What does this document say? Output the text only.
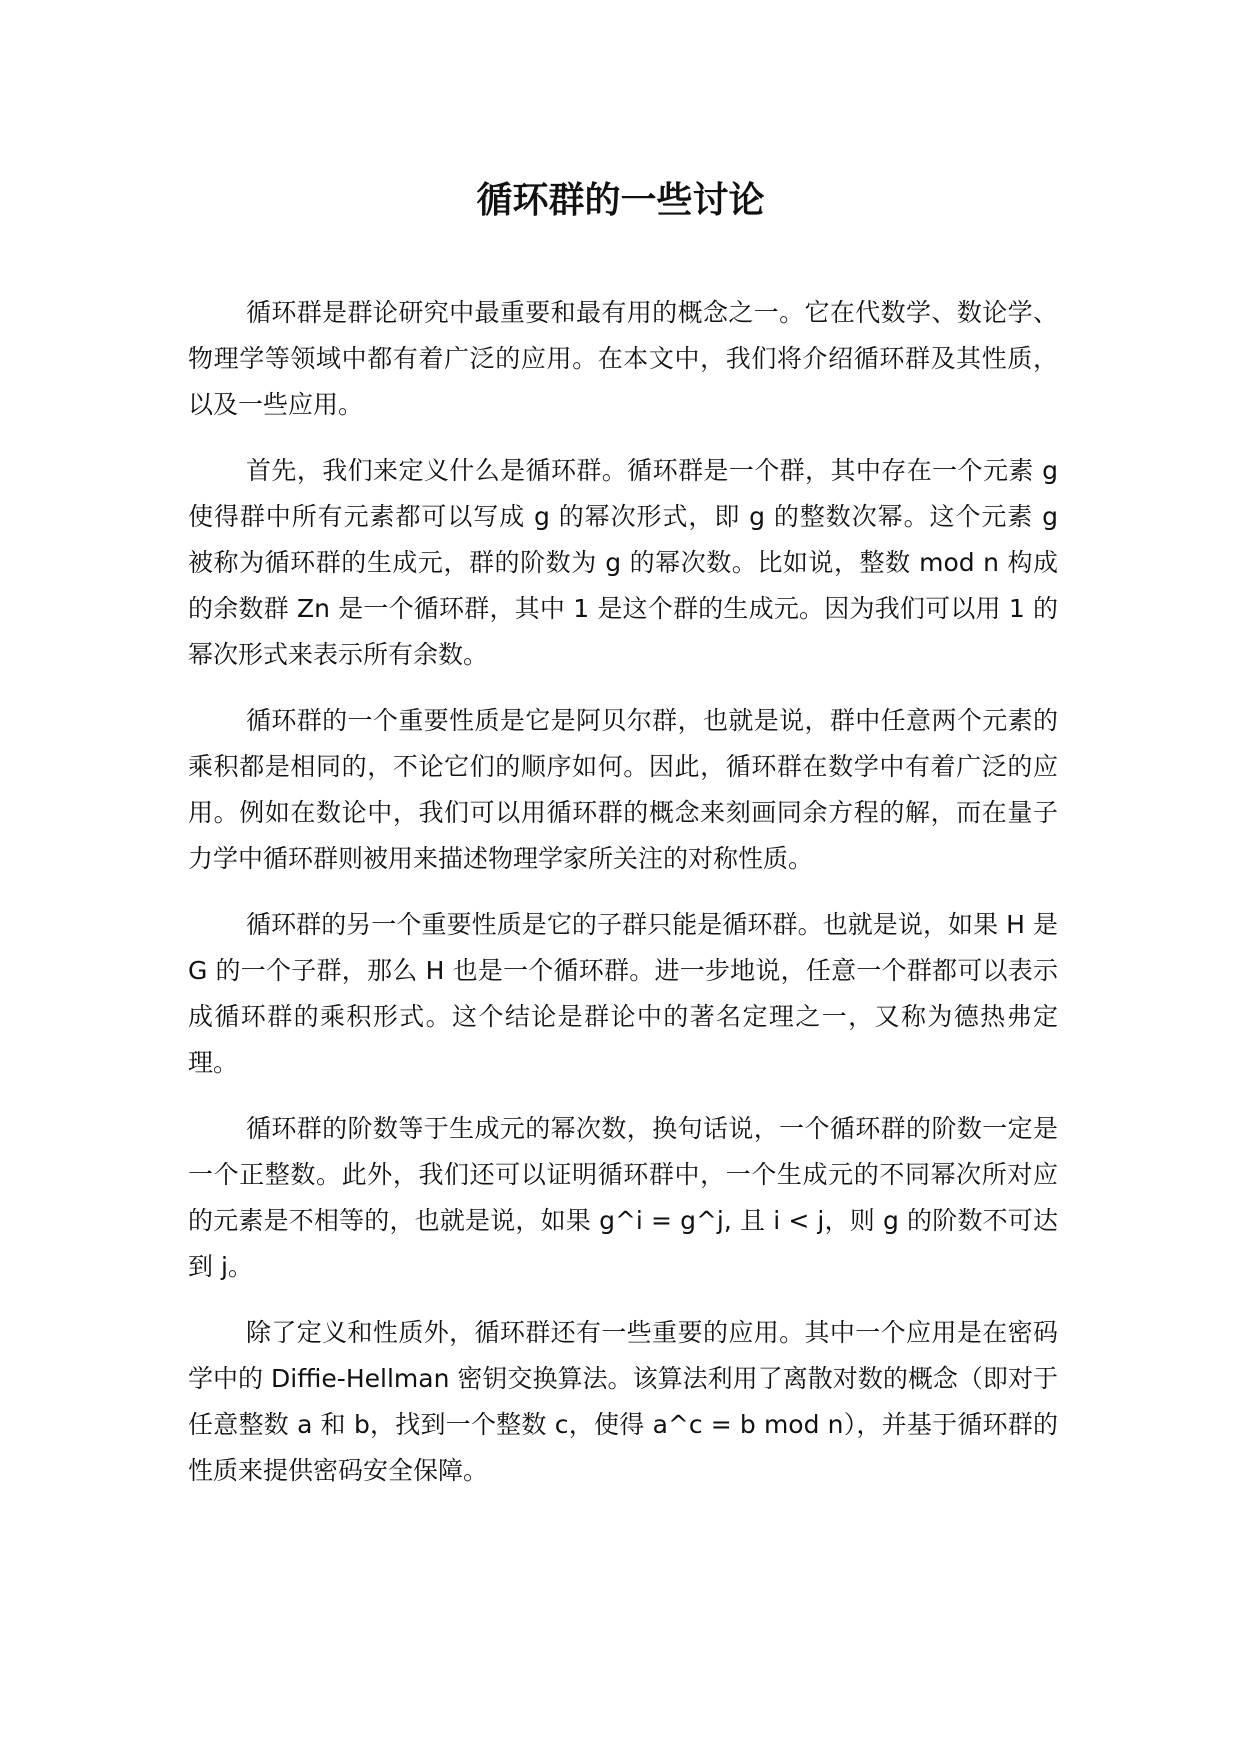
循环群的一些讨论

循环群是群论研究中最重要和最有用的概念之一。它在代数学、数论学、物理学等领域中都有着广泛的应用。在本文中，我们将介绍循环群及其性质，以及一些应用。

首先，我们来定义什么是循环群。循环群是一个群，其中存在一个元素 g 使得群中所有元素都可以写成 g 的幂次形式，即 g 的整数次幂。这个元素 g 被称为循环群的生成元，群的阶数为 g 的幂次数。比如说，整数 mod n 构成的余数群 Zn 是一个循环群，其中 1 是这个群的生成元。因为我们可以用 1 的幂次形式来表示所有余数。

循环群的一个重要性质是它是阿贝尔群，也就是说，群中任意两个元素的乘积都是相同的，不论它们的顺序如何。因此，循环群在数学中有着广泛的应用。例如在数论中，我们可以用循环群的概念来刻画同余方程的解，而在量子力学中循环群则被用来描述物理学家所关注的对称性质。

循环群的另一个重要性质是它的子群只能是循环群。也就是说，如果 H 是 G 的一个子群，那么 H 也是一个循环群。进一步地说，任意一个群都可以表示成循环群的乘积形式。这个结论是群论中的著名定理之一，又称为德热弗定理。

循环群的阶数等于生成元的幂次数，换句话说，一个循环群的阶数一定是一个正整数。此外，我们还可以证明循环群中，一个生成元的不同幂次所对应的元素是不相等的，也就是说，如果 g^i = g^j, 且 i < j，则 g 的阶数不可达到 j。

除了定义和性质外，循环群还有一些重要的应用。其中一个应用是在密码学中的 Diffie-Hellman 密钥交换算法。该算法利用了离散对数的概念（即对于任意整数 a 和 b，找到一个整数 c，使得 a^c = b mod n），并基于循环群的性质来提供密码安全保障。
